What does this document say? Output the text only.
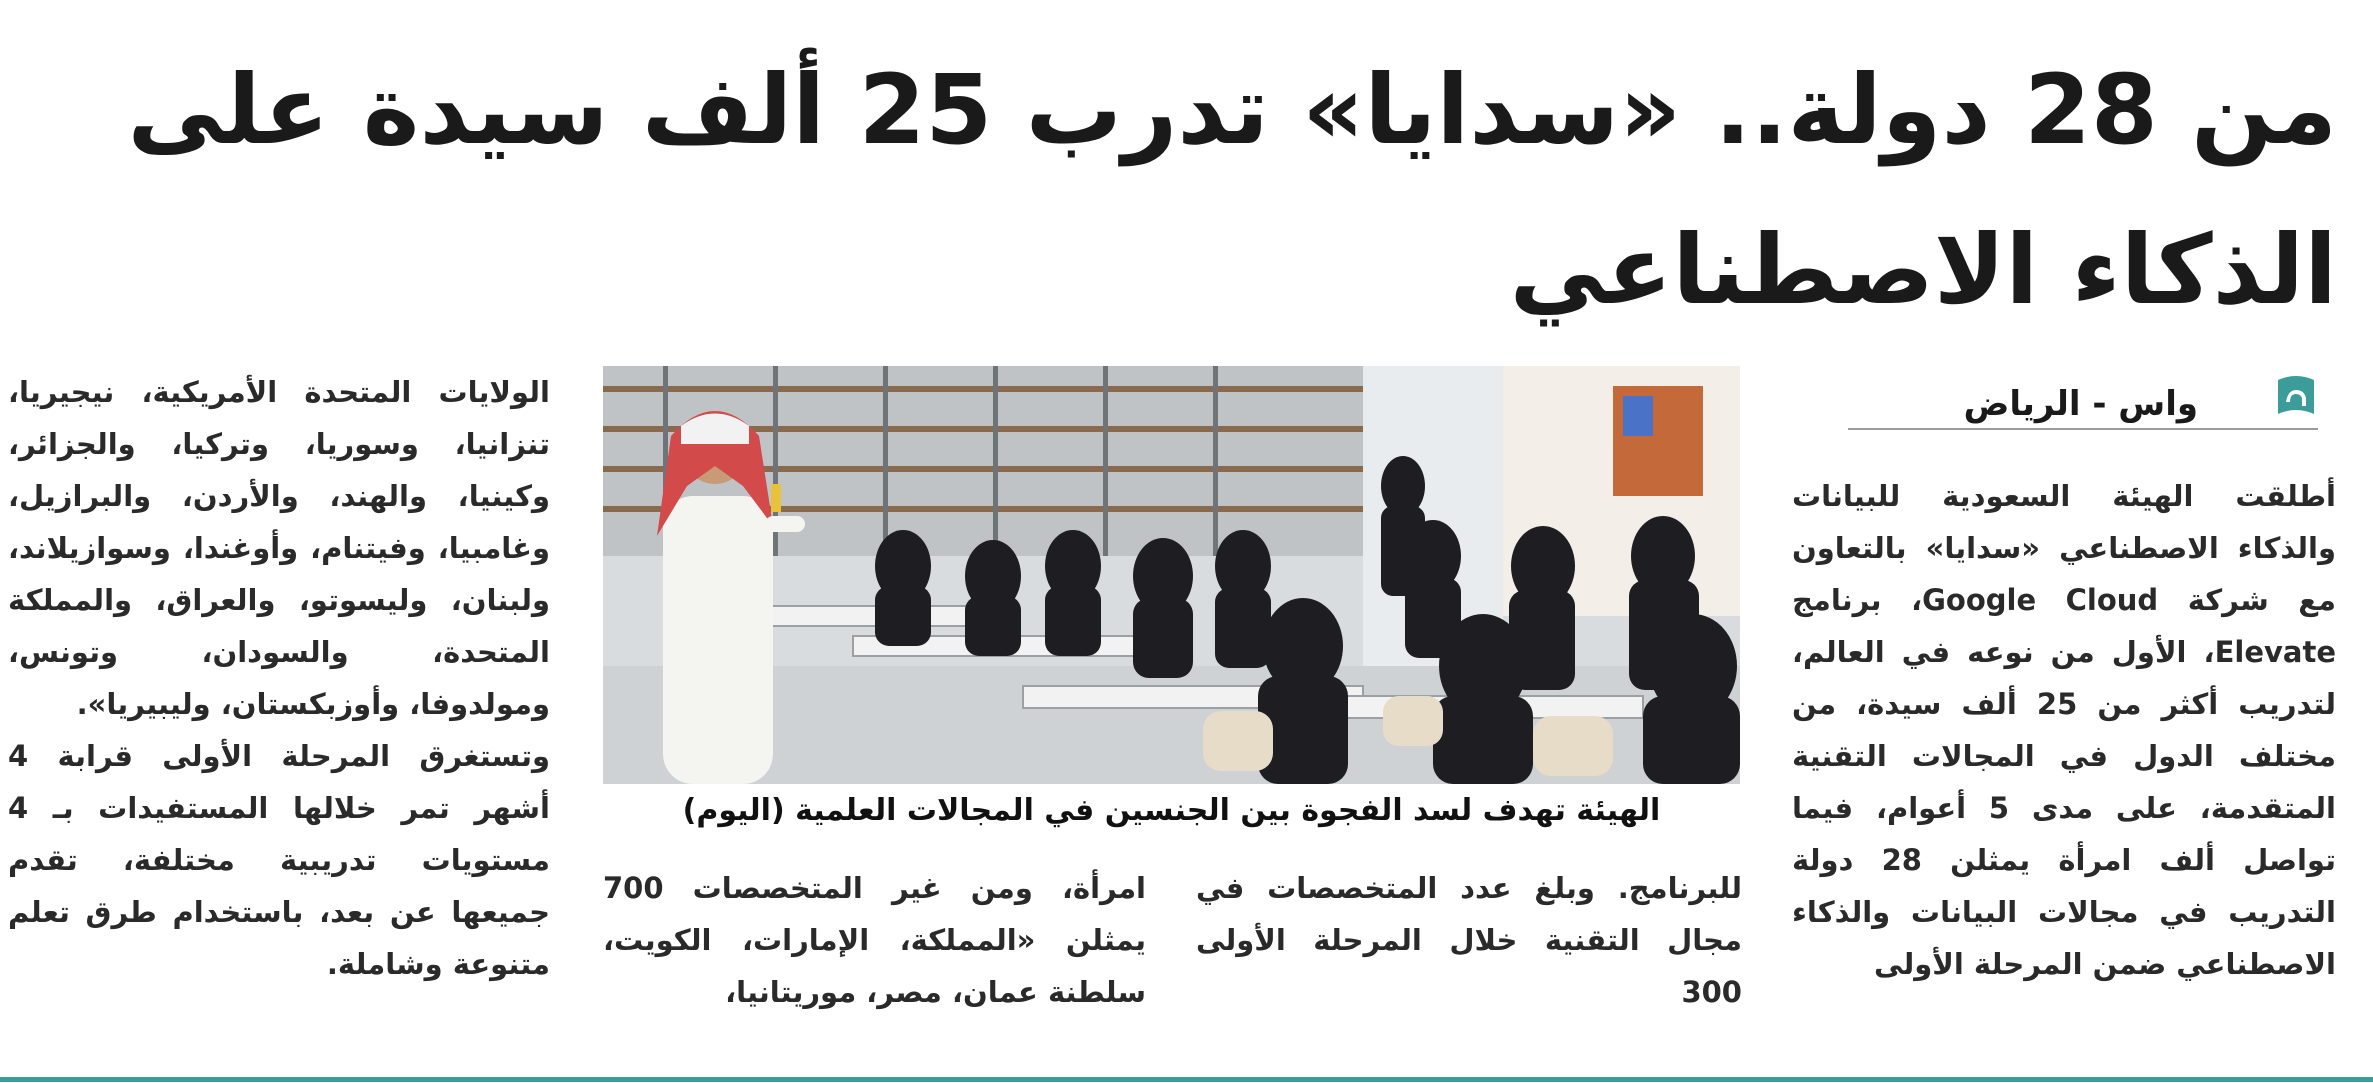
من 28 دولة.. «سدايا» تدرب 25 ألف سيدة على
الذكاء الاصطناعي
واس - الرياض

أطلقت الهيئة السعودية للبيانات والذكاء الاصطناعي «سدايا» بالتعاون مع شركة Google Cloud، برنامج Elevate، الأول من نوعه في العالم، لتدريب أكثر من 25 ألف سيدة، من مختلف الدول في المجالات التقنية المتقدمة، على مدى 5 أعوام، فيما تواصل ألف امرأة يمثلن 28 دولة التدريب في مجالات البيانات والذكاء الاصطناعي ضمن المرحلة الأولى

الهيئة تهدف لسد الفجوة بين الجنسين في المجالات العلمية (اليوم)

للبرنامج. وبلغ عدد المتخصصات في مجال التقنية خلال المرحلة الأولى 300

امرأة، ومن غير المتخصصات 700 يمثلن «المملكة، الإمارات، الكويت، سلطنة عمان، مصر، موريتانيا،

الولايات المتحدة الأمريكية، نيجيريا، تنزانيا، وسوريا، وتركيا، والجزائر، وكينيا، والهند، والأردن، والبرازيل، وغامبيا، وفيتنام، وأوغندا، وسوازيلاند، ولبنان، وليسوتو، والعراق، والمملكة المتحدة، والسودان، وتونس، ومولدوفا، وأوزبكستان، وليبيريا».

وتستغرق المرحلة الأولى قرابة 4 أشهر تمر خلالها المستفيدات بـ 4 مستويات تدريبية مختلفة، تقدم جميعها عن بعد، باستخدام طرق تعلم متنوعة وشاملة.
